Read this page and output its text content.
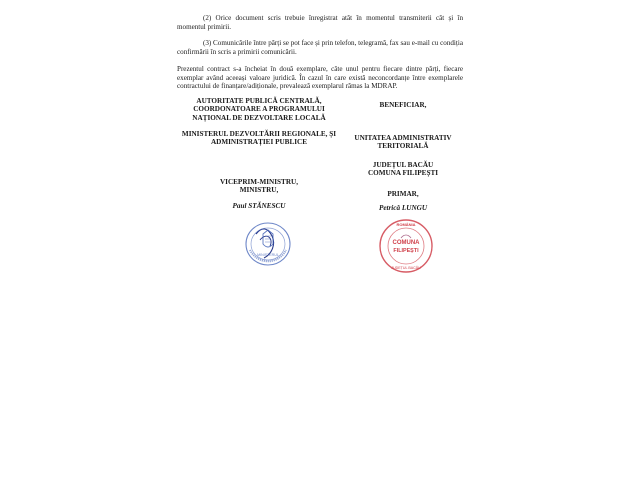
(2) Orice document scris trebuie înregistrat atât în momentul transmiterii cât și în momentul primirii.

(3) Comunicările între părți se pot face și prin telefon, telegramă, fax sau e-mail cu condiția confirmării în scris a primirii comunicării.

Prezentul contract s-a încheiat în două exemplare, câte unul pentru fiecare dintre părți, fiecare exemplar având aceeași valoare juridică. În cazul în care există neconcordanțe între exemplarele contractului de finanțare/adiționale, prevalează exemplarul rămas la MDRAP.

AUTORITATE PUBLICĂ CENTRALĂ, COORDONATOARE A PROGRAMULUI NAȚIONAL DE DEZVOLTARE LOCALĂ

MINISTERUL DEZVOLTĂRII REGIONALE, ȘI ADMINISTRAȚIEI PUBLICE

VICEPRIM-MINISTRU, MINISTRU,

Paul STĂNESCU

BENEFICIAR,

UNITATEA ADMINISTRATIV TERITORIALĂ

JUDEȚUL BACĂU

COMUNA FILIPEȘTI

PRIMAR,

Petrică LUNGU

MINISTERUL
ROMÂNIA
COMUNA
FILIPEȘTI
JUDEȚUL BACĂU
